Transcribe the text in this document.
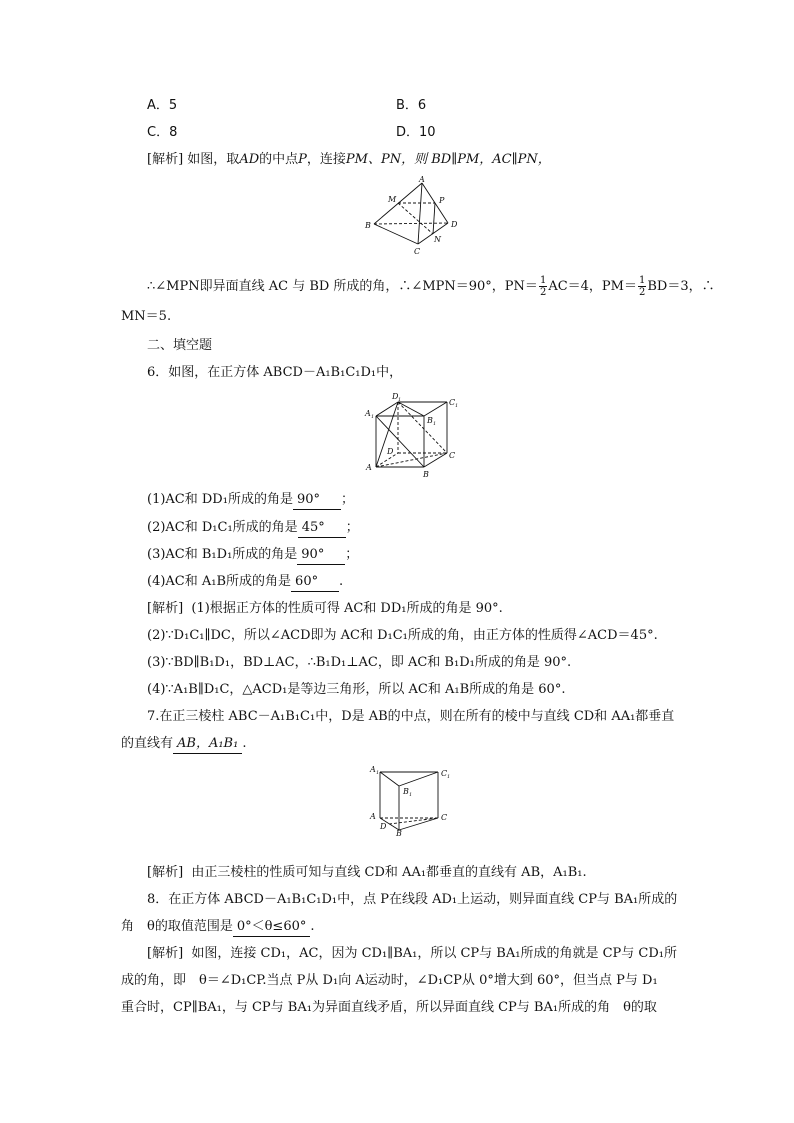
A．5	B．6
C．8	D．10
[解析] 如图，取AD的中点P，连接PM、PN，则 BD∥PM，AC∥PN，
A
M	P
B	D
N
C
∴∠MPN即异面直线 AC 与 BD 所成的角，∴∠MPN＝90°，$PN= \frac{1}{2} AC=4$，$PM= \frac{1}{2} BD=3$，∴
MN＝5.
二、填空题
6．如图，在正方体 ABCD－A₁B₁C₁D₁中，
D 1	C 1
A 1	B 1
D	C
A
B
(1)AC和 DD₁所成的角是 90° ；
(2)AC和 D₁C₁所成的角是 45° ；
(3)AC和 B₁D₁所成的角是 90° ；
(4)AC和 A₁B所成的角是 60° .
[解析] (1)根据正方体的性质可得 AC和 DD₁所成的角是 90°.
(2)∵D₁C₁∥DC，所以∠ACD即为 AC和 D₁C₁所成的角，由正方体的性质得∠ACD＝45°.
(3)∵BD∥B₁D₁，BD⊥AC，∴B₁D₁⊥AC，即 AC和 B₁D₁所成的角是 90°.
(4)∵A₁B∥D₁C，△ACD₁是等边三角形，所以 AC和 A₁B所成的角是 60°.
7.在正三棱柱 ABC－A₁B₁C₁中，D是 AB的中点，则在所有的棱中与直线 CD和 AA₁都垂直
的直线有 AB，A₁B₁ .
A 1	C 1
B 1
A	C
D
B
[解析] 由正三棱柱的性质可知与直线 CD和 AA₁都垂直的直线有 AB，A₁B₁.
8．在正方体 ABCD－A₁B₁C₁D₁中，点 P在线段 AD₁上运动，则异面直线 CP与 BA₁所成的
角　θ的取值范围是 0°＜θ≤60° .
[解析] 如图，连接 CD₁，AC，因为 CD₁∥BA₁，所以 CP与 BA₁所成的角就是 CP与 CD₁所
成的角，即　θ＝∠D₁CP.当点 P从 D₁向 A运动时，∠D₁CP从 0°增大到 60°，但当点 P与 D₁
重合时，CP∥BA₁，与 CP与 BA₁为异面直线矛盾，所以异面直线 CP与 BA₁所成的角　θ的取
